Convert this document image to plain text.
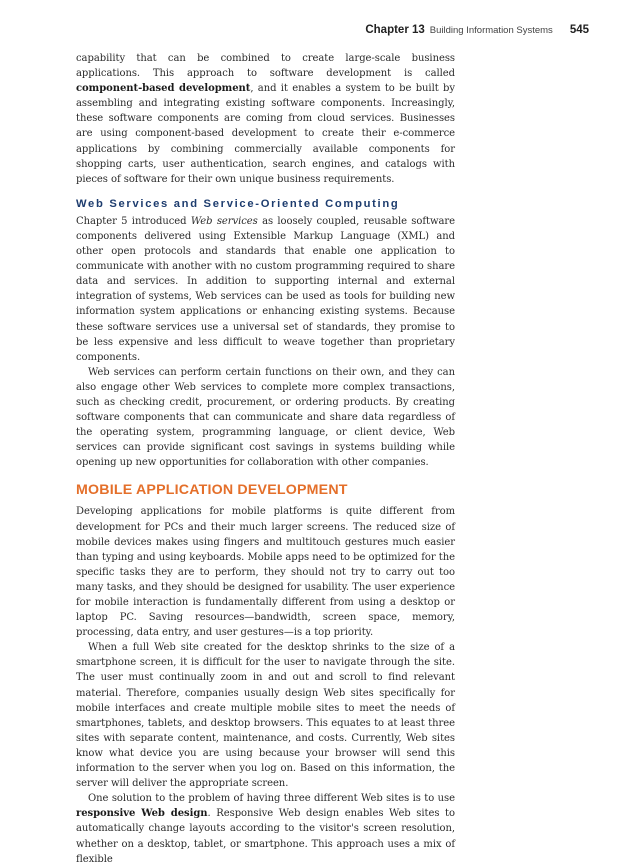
Chapter 13 Building Information Systems 545

capability that can be combined to create large-scale business applications. This approach to software development is called component-based development, and it enables a system to be built by assembling and integrating existing software components. Increasingly, these software components are coming from cloud services. Businesses are using component-based development to create their e-commerce applications by combining commercially available components for shopping carts, user authentication, search engines, and catalogs with pieces of software for their own unique business requirements.

Web Services and Service-Oriented Computing

Chapter 5 introduced Web services as loosely coupled, reusable software components delivered using Extensible Markup Language (XML) and other open protocols and standards that enable one application to communicate with another with no custom programming required to share data and services. In addition to supporting internal and external integration of systems, Web services can be used as tools for building new information system applications or enhancing existing systems. Because these software services use a universal set of standards, they promise to be less expensive and less difficult to weave together than proprietary components.

Web services can perform certain functions on their own, and they can also engage other Web services to complete more complex transactions, such as checking credit, procurement, or ordering products. By creating software components that can communicate and share data regardless of the operating system, programming language, or client device, Web services can provide significant cost savings in systems building while opening up new opportunities for collaboration with other companies.

MOBILE APPLICATION DEVELOPMENT

Developing applications for mobile platforms is quite different from development for PCs and their much larger screens. The reduced size of mobile devices makes using fingers and multitouch gestures much easier than typing and using keyboards. Mobile apps need to be optimized for the specific tasks they are to perform, they should not try to carry out too many tasks, and they should be designed for usability. The user experience for mobile interaction is fundamentally different from using a desktop or laptop PC. Saving resources—bandwidth, screen space, memory, processing, data entry, and user gestures—is a top priority.

When a full Web site created for the desktop shrinks to the size of a smartphone screen, it is difficult for the user to navigate through the site. The user must continually zoom in and out and scroll to find relevant material. Therefore, companies usually design Web sites specifically for mobile interfaces and create multiple mobile sites to meet the needs of smartphones, tablets, and desktop browsers. This equates to at least three sites with separate content, maintenance, and costs. Currently, Web sites know what device you are using because your browser will send this information to the server when you log on. Based on this information, the server will deliver the appropriate screen.

One solution to the problem of having three different Web sites is to use responsive Web design. Responsive Web design enables Web sites to automatically change layouts according to the visitor's screen resolution, whether on a desktop, tablet, or smartphone. This approach uses a mix of flexible
